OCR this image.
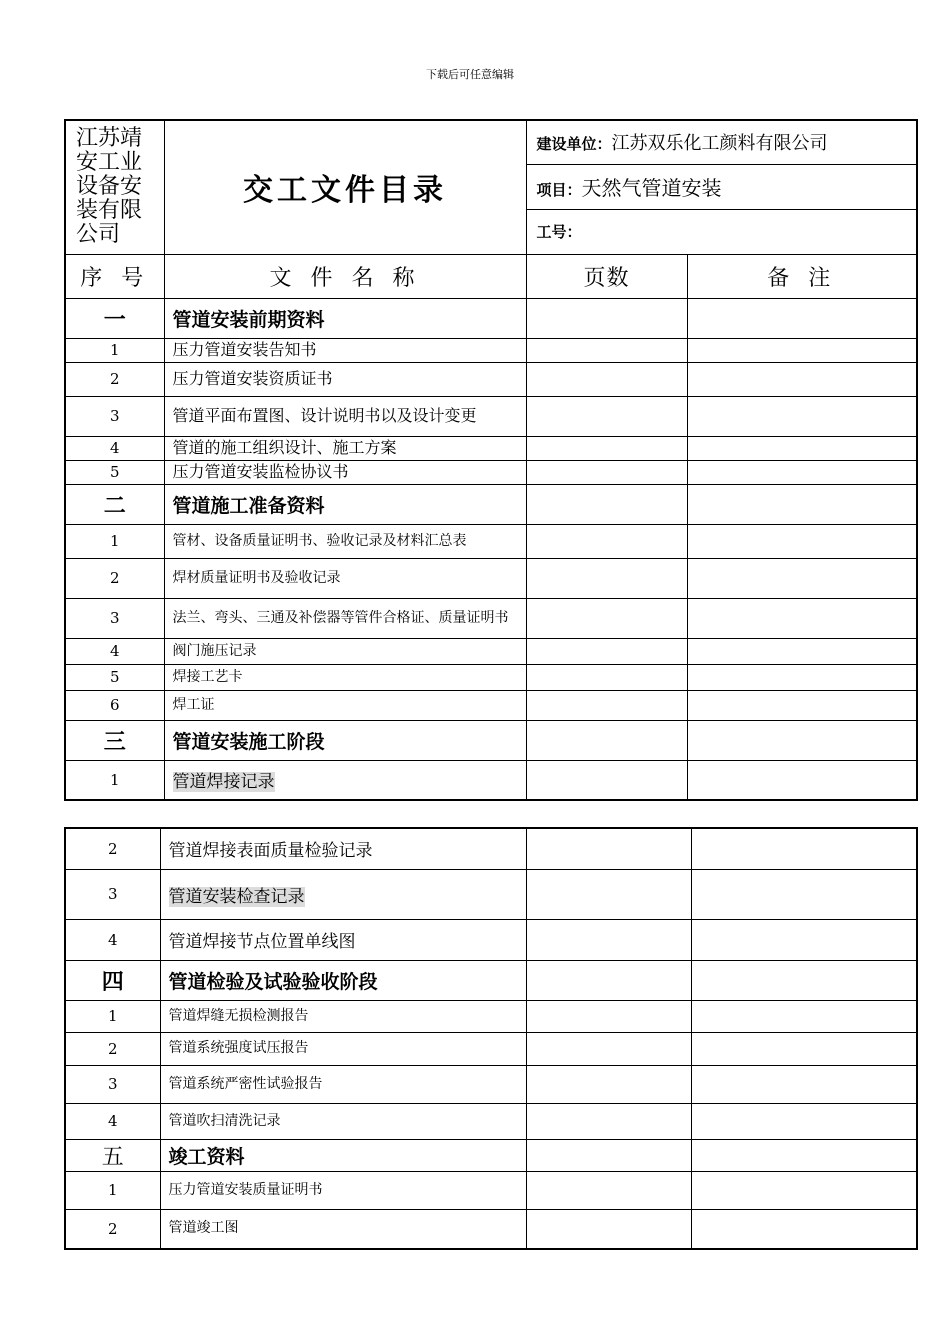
下载后可任意编辑
江苏靖安工业设备安装有限公司	交工文件目录	建设单位：江苏双乐化工颜料有限公司	
		项目：天然气管道安装	
		工号：	
序 号	文 件 名 称	页数	备 注
一	管道安装前期资料		
1	压力管道安装告知书		
2	压力管道安装资质证书		
3	管道平面布置图、设计说明书以及设计变更		
4	管道的施工组织设计、施工方案		
5	压力管道安装监检协议书		
二	管道施工准备资料		
1	管材、设备质量证明书、验收记录及材料汇总表		
2	焊材质量证明书及验收记录		
3	法兰、弯头、三通及补偿器等管件合格证、质量证明书		
4	阀门施压记录		
5	焊接工艺卡		
6	焊工证		
三	管道安装施工阶段		
1	管道焊接记录		
2	管道焊接表面质量检验记录		
3	管道安装检查记录		
4	管道焊接节点位置单线图		
四	管道检验及试验验收阶段		
1	管道焊缝无损检测报告		
2	管道系统强度试压报告		
3	管道系统严密性试验报告		
4	管道吹扫清洗记录		
五	竣工资料		
1	压力管道安装质量证明书		
2	管道竣工图		
